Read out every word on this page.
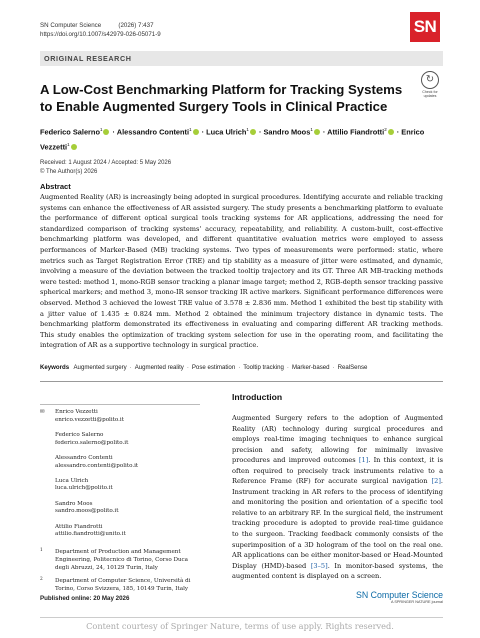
SN Computer Science	(2026) 7:437
https://doi.org/10.1007/s42979-026-05071-9	SN
ORIGINAL RESEARCH
↻
Check for updates
A Low-Cost Benchmarking Platform for Tracking Systems to Enable Augmented Surgery Tools in Clinical Practice
Federico Salerno$^1$ · Alessandro Contenti$^1$ · Luca Ulrich$^1$ · Sandro Moos$^1$ · Attilio Fiandrotti$^2$ · Enrico Vezzetti$^1$
Received: 1 August 2024 / Accepted: 5 May 2026
© The Author(s) 2026
Abstract
Augmented Reality (AR) is increasingly being adopted in surgical procedures. Identifying accurate and reliable tracking systems can enhance the effectiveness of AR assisted surgery. The study presents a benchmarking platform to evaluate the performance of different optical surgical tools tracking systems for AR applications, addressing the need for standardized comparison of tracking systems' accuracy, repeatability, and reliability. A custom-built, cost-effective benchmarking platform was developed, and different quantitative evaluation metrics were employed to assess performances of Marker-Based (MB) tracking systems. Two types of measurements were performed: static, where metrics such as Target Registration Error (TRE) and tip stability as a measure of jitter were estimated, and dynamic, involving a measure of the deviation between the tracked tooltip trajectory and its GT. Three AR MB-tracking methods were tested: method 1, mono-RGB sensor tracking a planar image target; method 2, RGB-depth sensor tracking passive spherical markers; and method 3, mono-IR sensor tracking IR active markers. Significant performance differences were observed. Method 3 achieved the lowest TRE value of 3.578 ± 2.836 mm. Method 1 exhibited the best tip stability with a jitter value of 1.435 ± 0.824 mm. Method 2 obtained the minimum trajectory distance in dynamic tests. The benchmarking platform demonstrated its effectiveness in evaluating and comparing different AR tracking methods. This study enables the optimization of tracking system selection for use in the operating room, and facilitating the integration of AR as a supportive technology in surgical practice.
Keywords Augmented surgery · Augmented reality · Pose estimation · Tooltip tracking · Marker-based · RealSense
✉ Enrico Vezzetti
enrico.vezzetti@polito.it
Federico Salerno
federico.salerno@polito.it
Alessandro Contenti
alessandro.contenti@polito.it
Luca Ulrich
luca.ulrich@polito.it
Sandro Moos
sandro.moos@polito.it
Attilio Fiandrotti
attilio.fiandrotti@unito.it
1 Department of Production and Management Engineering, Politecnico di Torino, Corso Duca degli Abruzzi, 24, 10129 Turin, Italy
2 Department of Computer Science, Università di Torino, Corso Svizzera, 185, 10149 Turin, Italy
Introduction
Augmented Surgery refers to the adoption of Augmented Reality (AR) technology during surgical procedures and employs real-time imaging techniques to enhance surgical precision and safety, allowing for minimally invasive procedures and improved outcomes [1]. In this context, it is often required to precisely track instruments relative to a Reference Frame (RF) for accurate surgical navigation [2]. Instrument tracking in AR refers to the process of identifying and monitoring the position and orientation of a specific tool relative to an arbitrary RF. In the surgical field, the instrument tracking procedure is adopted to provide real-time guidance to the surgeon. Tracking feedback commonly consists of the superimposition of a 3D hologram of the tool on the real one. AR applications can be either monitor-based or Head-Mounted Display (HMD)-based [3–5]. In monitor-based systems, the augmented content is displayed on a screen.
Published online: 20 May 2026	SN Computer Science
A SPRINGER NATURE journal
Content courtesy of Springer Nature, terms of use apply. Rights reserved.
